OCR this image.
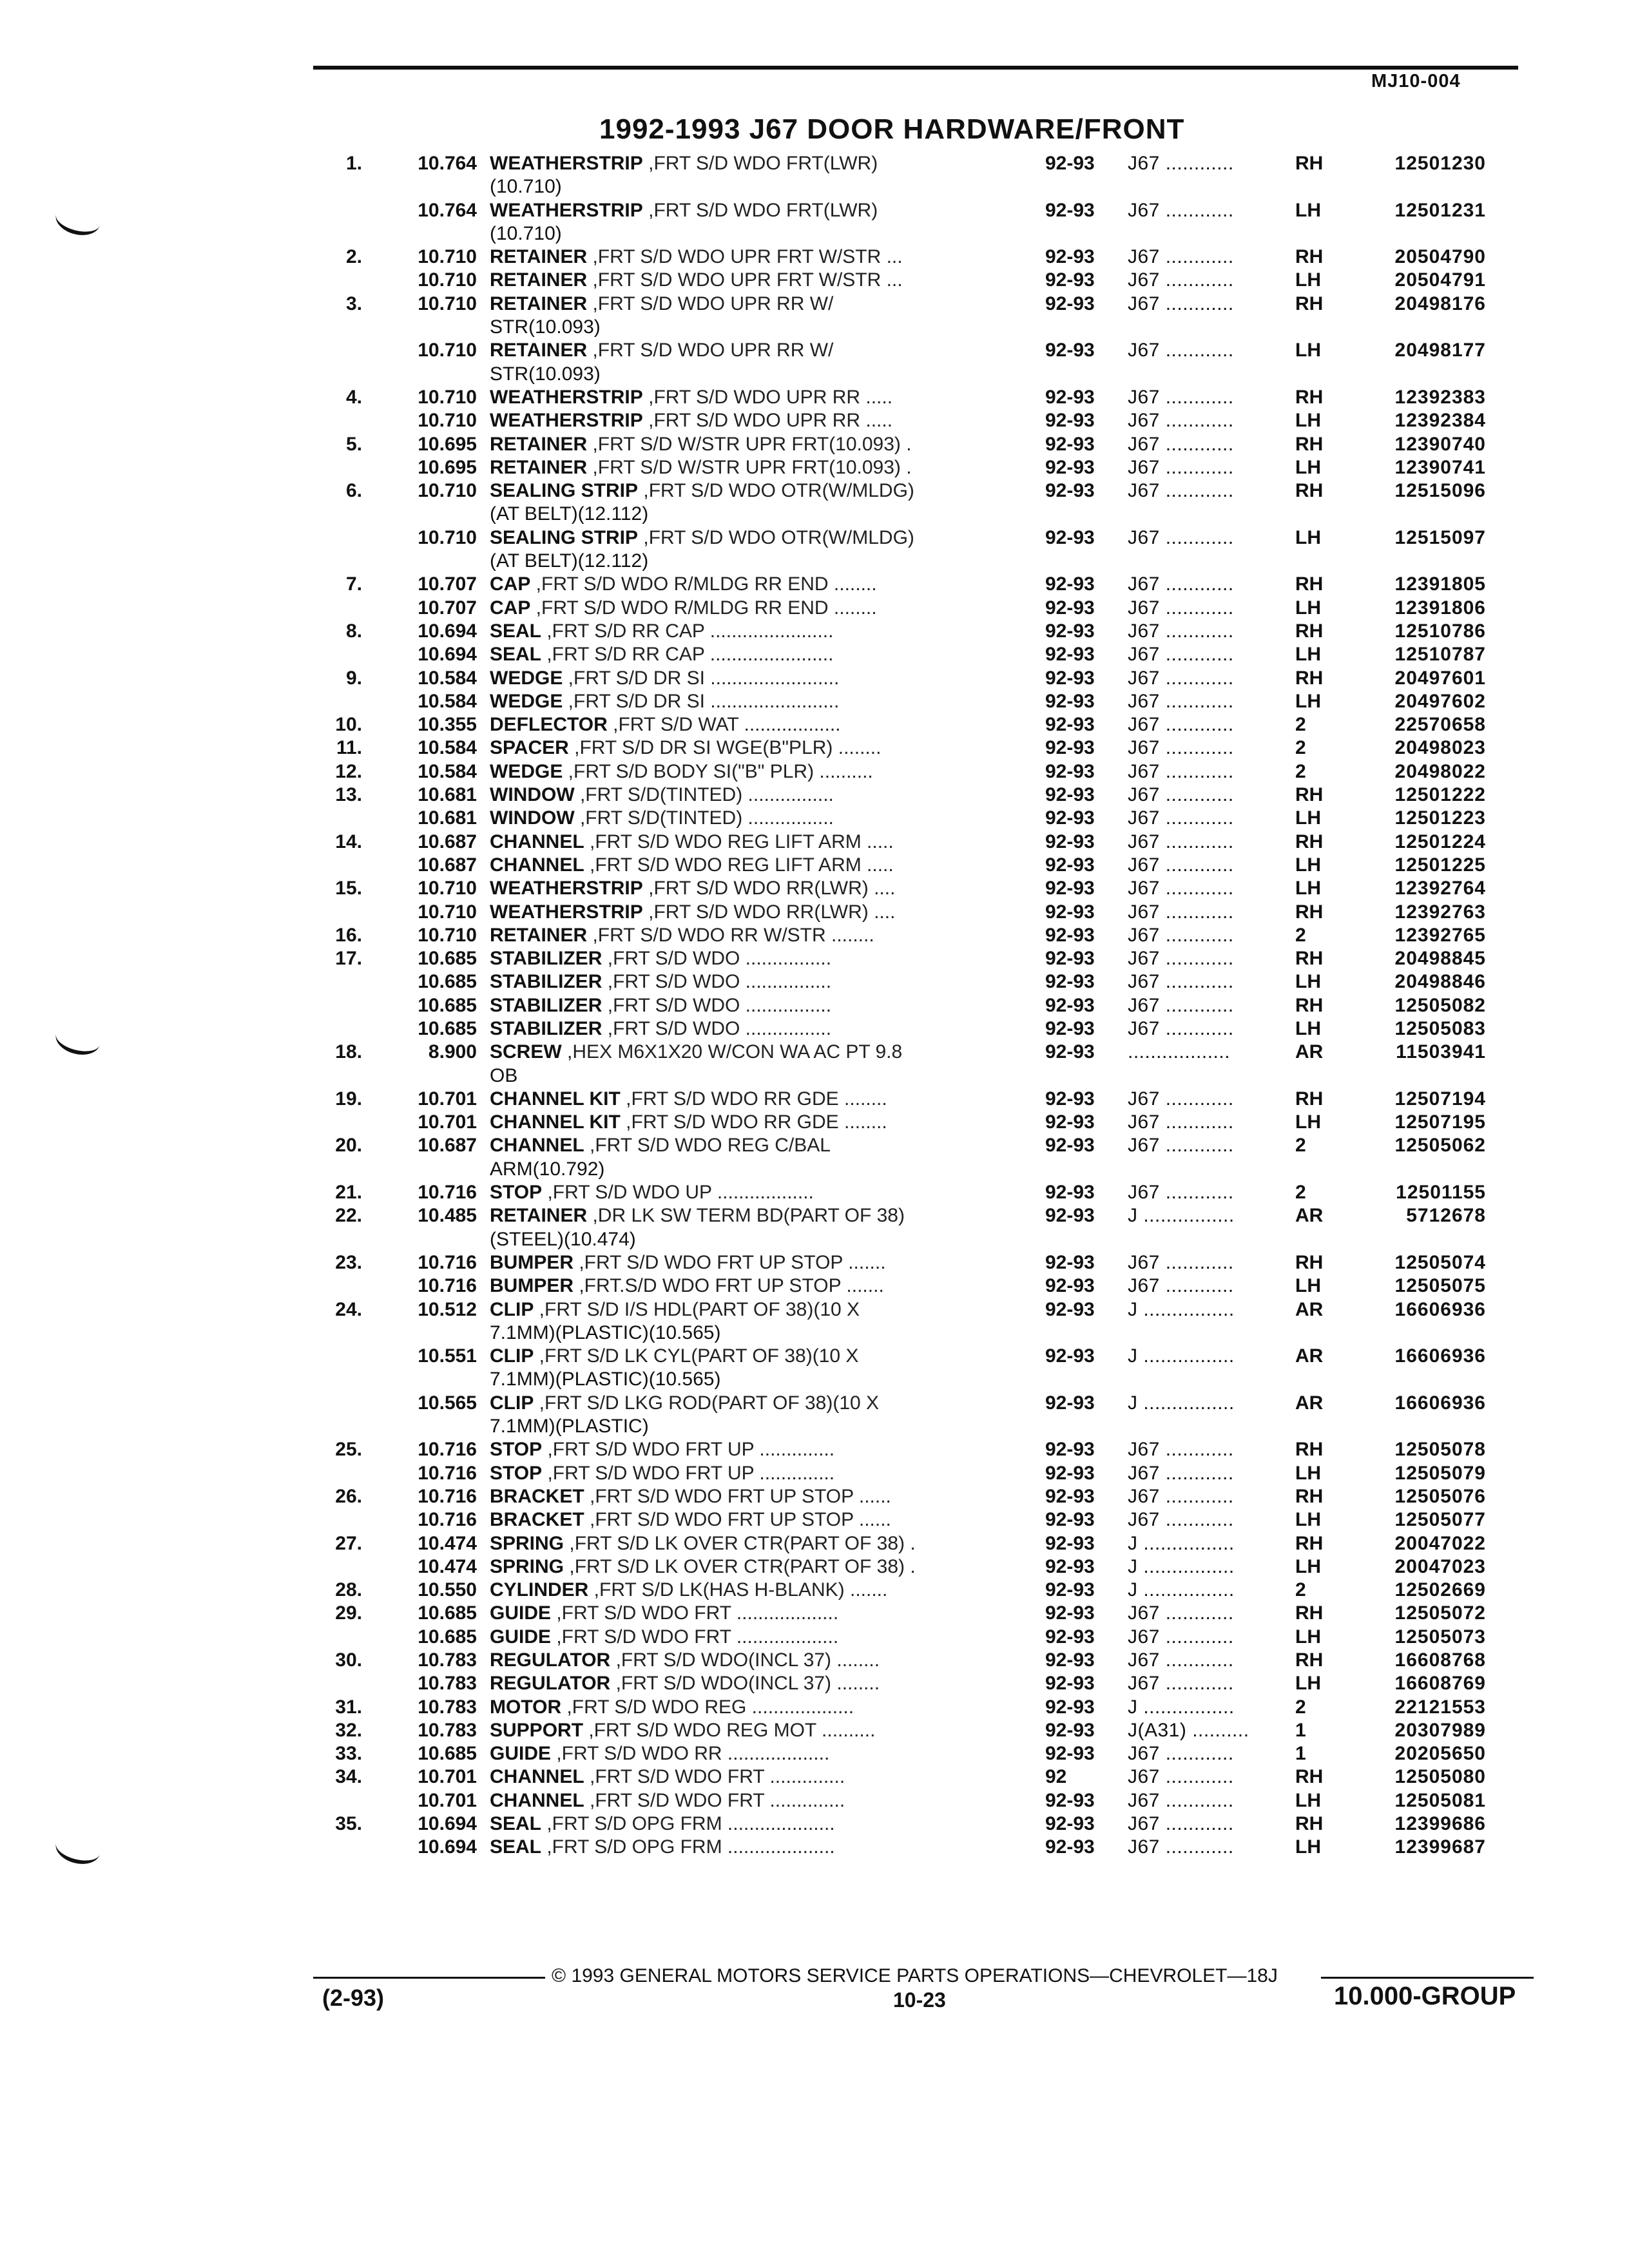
MJ10-004
1992-1993 J67 DOOR HARDWARE/FRONT
1.	10.764 WEATHERSTRIP ,FRT S/D WDO FRT(LWR)
(10.710)
92-93	J67 ............	RH	12501230
10.764 WEATHERSTRIP ,FRT S/D WDO FRT(LWR)
(10.710)
92-93	J67 ............	LH	12501231
2.	10.710 RETAINER ,FRT S/D WDO UPR FRT W/STR ...	92-93	J67 ............	RH	20504790
10.710 RETAINER ,FRT S/D WDO UPR FRT W/STR ...	92-93	J67 ............	LH	20504791
3.	10.710 RETAINER ,FRT S/D WDO UPR RR W/
STR(10.093)
92-93	J67 ............	RH	20498176
10.710 RETAINER ,FRT S/D WDO UPR RR W/
STR(10.093)
92-93	J67 ............	LH	20498177
4.	10.710 WEATHERSTRIP ,FRT S/D WDO UPR RR .....	92-93	J67 ............	RH	12392383
10.710 WEATHERSTRIP ,FRT S/D WDO UPR RR .....	92-93	J67 ............	LH	12392384
5.	10.695 RETAINER ,FRT S/D W/STR UPR FRT(10.093) .	92-93	J67 ............	RH	12390740
10.695 RETAINER ,FRT S/D W/STR UPR FRT(10.093) .	92-93	J67 ............	LH	12390741
6.	10.710 SEALING STRIP ,FRT S/D WDO OTR(W/MLDG)
(AT BELT)(12.112)
92-93	J67 ............	RH	12515096
10.710 SEALING STRIP ,FRT S/D WDO OTR(W/MLDG)
(AT BELT)(12.112)
92-93	J67 ............	LH	12515097
7.	10.707 CAP ,FRT S/D WDO R/MLDG RR END ........	92-93	J67 ............	RH	12391805
10.707 CAP ,FRT S/D WDO R/MLDG RR END ........	92-93	J67 ............	LH	12391806
8.	10.694 SEAL ,FRT S/D RR CAP .......................	92-93	J67 ............	RH	12510786
10.694 SEAL ,FRT S/D RR CAP .......................	92-93	J67 ............	LH	12510787
9.	10.584 WEDGE ,FRT S/D DR SI ........................	92-93	J67 ............	RH	20497601
10.584 WEDGE ,FRT S/D DR SI ........................	92-93	J67 ............	LH	20497602
10.	10.355 DEFLECTOR ,FRT S/D WAT ..................	92-93	J67 ............	2	22570658
11.	10.584 SPACER ,FRT S/D DR SI WGE(B"PLR) ........	92-93	J67 ............	2	20498023
12.	10.584 WEDGE ,FRT S/D BODY SI("B" PLR) ..........	92-93	J67 ............	2	20498022
13.	10.681 WINDOW ,FRT S/D(TINTED) ................	92-93	J67 ............	RH	12501222
10.681 WINDOW ,FRT S/D(TINTED) ................	92-93	J67 ............	LH	12501223
14.	10.687 CHANNEL ,FRT S/D WDO REG LIFT ARM .....	92-93	J67 ............	RH	12501224
10.687 CHANNEL ,FRT S/D WDO REG LIFT ARM .....	92-93	J67 ............	LH	12501225
15.	10.710 WEATHERSTRIP ,FRT S/D WDO RR(LWR) ....	92-93	J67 ............	LH	12392764
10.710 WEATHERSTRIP ,FRT S/D WDO RR(LWR) ....	92-93	J67 ............	RH	12392763
16.	10.710 RETAINER ,FRT S/D WDO RR W/STR ........	92-93	J67 ............	2	12392765
17.	10.685 STABILIZER ,FRT S/D WDO ................	92-93	J67 ............	RH	20498845
10.685 STABILIZER ,FRT S/D WDO ................	92-93	J67 ............	LH	20498846
10.685 STABILIZER ,FRT S/D WDO ................	92-93	J67 ............	RH	12505082
10.685 STABILIZER ,FRT S/D WDO ................	92-93	J67 ............	LH	12505083
18.	8.900 SCREW ,HEX M6X1X20 W/CON WA AC PT 9.8
OB
92-93	..................	AR	11503941
19.	10.701 CHANNEL KIT ,FRT S/D WDO RR GDE ........	92-93	J67 ............	RH	12507194
10.701 CHANNEL KIT ,FRT S/D WDO RR GDE ........	92-93	J67 ............	LH	12507195
20.	10.687 CHANNEL ,FRT S/D WDO REG C/BAL
ARM(10.792)
92-93	J67 ............	2	12505062
21.	10.716 STOP ,FRT S/D WDO UP ..................	92-93	J67 ............	2	12501155
22.	10.485 RETAINER ,DR LK SW TERM BD(PART OF 38)
(STEEL)(10.474)
92-93	J ................	AR	5712678
23.	10.716 BUMPER ,FRT S/D WDO FRT UP STOP .......	92-93	J67 ............	RH	12505074
10.716 BUMPER ,FRT.S/D WDO FRT UP STOP .......	92-93	J67 ............	LH	12505075
24.	10.512 CLIP ,FRT S/D I/S HDL(PART OF 38)(10 X
7.1MM)(PLASTIC)(10.565)
92-93	J ................	AR	16606936
10.551 CLIP ,FRT S/D LK CYL(PART OF 38)(10 X
7.1MM)(PLASTIC)(10.565)
92-93	J ................	AR	16606936
10.565 CLIP ,FRT S/D LKG ROD(PART OF 38)(10 X
7.1MM)(PLASTIC)
92-93	J ................	AR	16606936
25.	10.716 STOP ,FRT S/D WDO FRT UP ..............	92-93	J67 ............	RH	12505078
10.716 STOP ,FRT S/D WDO FRT UP ..............	92-93	J67 ............	LH	12505079
26.	10.716 BRACKET ,FRT S/D WDO FRT UP STOP ......	92-93	J67 ............	RH	12505076
10.716 BRACKET ,FRT S/D WDO FRT UP STOP ......	92-93	J67 ............	LH	12505077
27.	10.474 SPRING ,FRT S/D LK OVER CTR(PART OF 38) .	92-93	J ................	RH	20047022
10.474 SPRING ,FRT S/D LK OVER CTR(PART OF 38) .	92-93	J ................	LH	20047023
28.	10.550 CYLINDER ,FRT S/D LK(HAS H-BLANK) .......	92-93	J ................	2	12502669
29.	10.685 GUIDE ,FRT S/D WDO FRT ...................	92-93	J67 ............	RH	12505072
10.685 GUIDE ,FRT S/D WDO FRT ...................	92-93	J67 ............	LH	12505073
30.	10.783 REGULATOR ,FRT S/D WDO(INCL 37) ........	92-93	J67 ............	RH	16608768
10.783 REGULATOR ,FRT S/D WDO(INCL 37) ........	92-93	J67 ............	LH	16608769
31.	10.783 MOTOR ,FRT S/D WDO REG ...................	92-93	J ................	2	22121553
32.	10.783 SUPPORT ,FRT S/D WDO REG MOT ..........	92-93	J(A31) ..........	1	20307989
33.	10.685 GUIDE ,FRT S/D WDO RR ...................	92-93	J67 ............	1	20205650
34.	10.701 CHANNEL ,FRT S/D WDO FRT ..............	92	J67 ............	RH	12505080
10.701 CHANNEL ,FRT S/D WDO FRT ..............	92-93	J67 ............	LH	12505081
35.	10.694 SEAL ,FRT S/D OPG FRM ....................	92-93	J67 ............	RH	12399686
10.694 SEAL ,FRT S/D OPG FRM ....................	92-93	J67 ............	LH	12399687
© 1993 GENERAL MOTORS SERVICE PARTS OPERATIONS—CHEVROLET—18J
(2-93)	10-23	10.000-GROUP
